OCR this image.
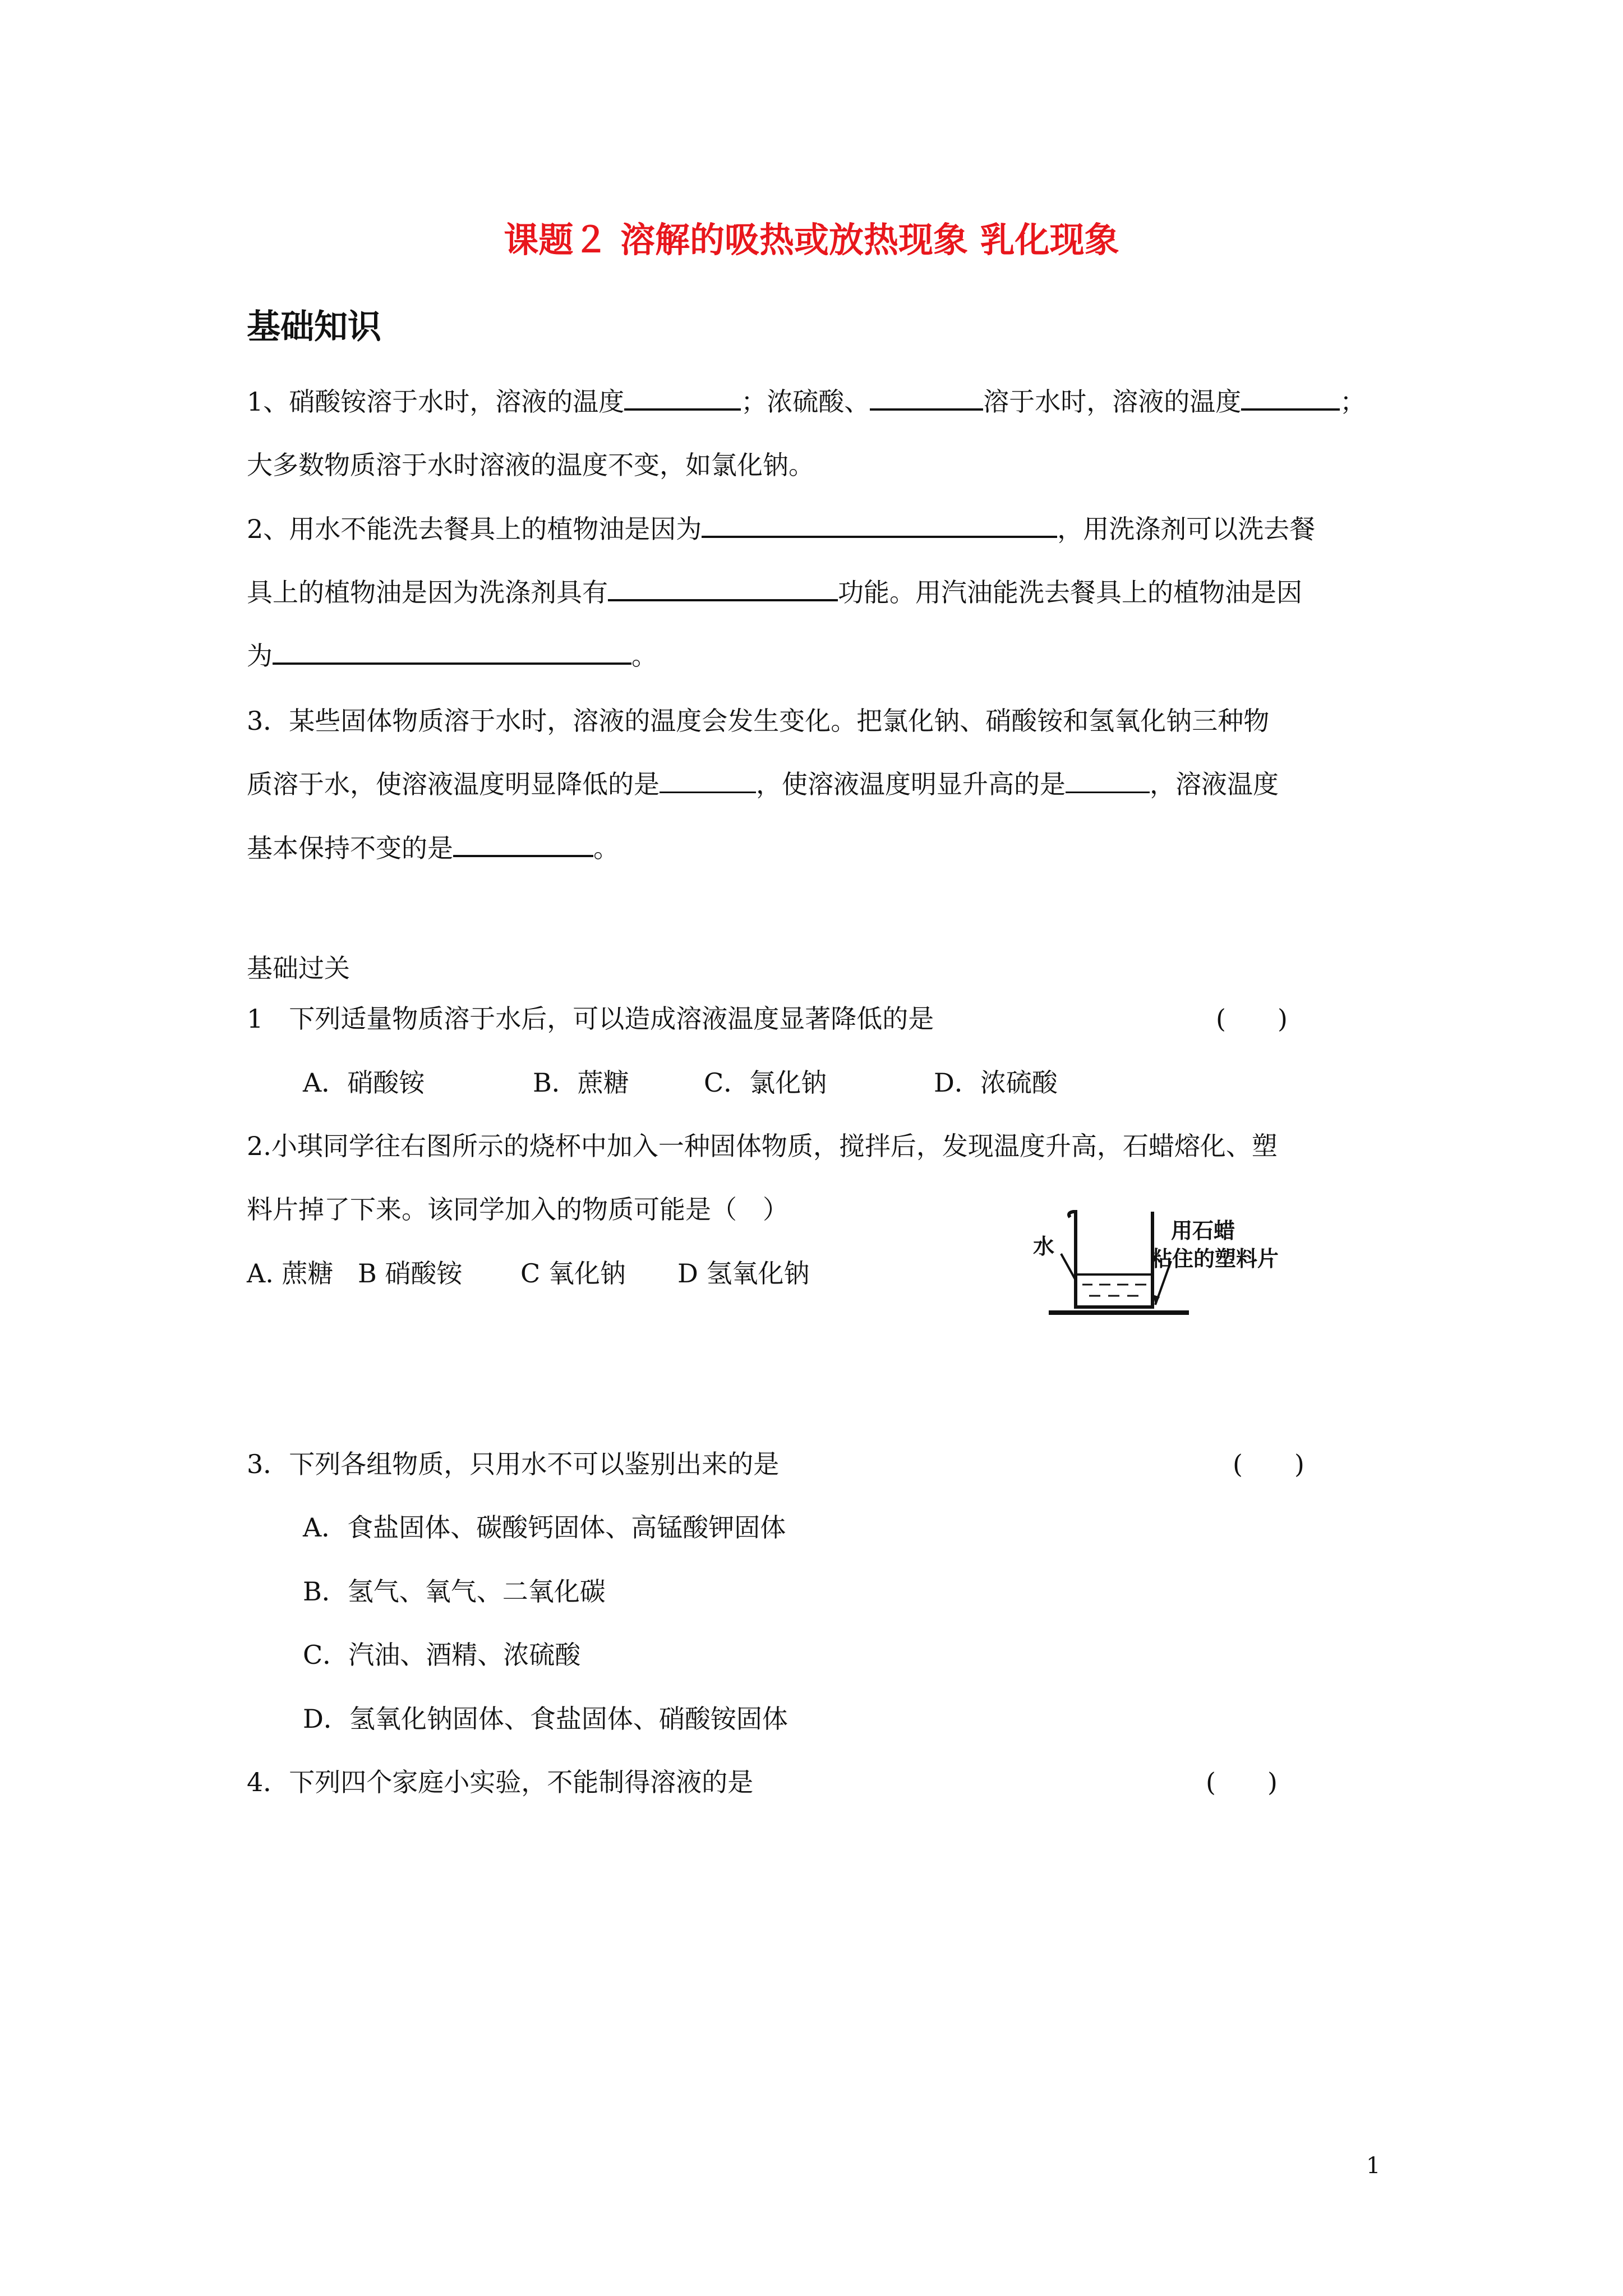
课题２ 溶解的吸热或放热现象 乳化现象
基础知识
1、硝酸铵溶于水时，溶液的温度	；浓硫酸、	溶于水时，溶液的温度	；
大多数物质溶于水时溶液的温度不变，如氯化钠。
2、用水不能洗去餐具上的植物油是因为	，用洗涤剂可以洗去餐
具上的植物油是因为洗涤剂具有	功能。用汽油能洗去餐具上的植物油是因
为	。
3．某些固体物质溶于水时，溶液的温度会发生变化。把氯化钠、硝酸铵和氢氧化钠三种物
质溶于水，使溶液温度明显降低的是	，使溶液温度明显升高的是	，溶液温度
基本保持不变的是	。
基础过关
1　下列适量物质溶于水后，可以造成溶液温度显著降低的是	(　　)
A．硝酸铵	B．蔗糖	C．氯化钠	D．浓硫酸
2.小琪同学往右图所示的烧杯中加入一种固体物质，搅拌后，发现温度升高，石蜡熔化、塑
料片掉了下来。该同学加入的物质可能是（　）
A. 蔗糖 B 硝酸铵 C 氧化钠 D 氢氧化钠
水
用石蜡
粘住的塑料片
3．下列各组物质，只用水不可以鉴别出来的是	(　　)
A．食盐固体、碳酸钙固体、高锰酸钾固体
B．氢气、氧气、二氧化碳
C．汽油、酒精、浓硫酸
D．氢氧化钠固体、食盐固体、硝酸铵固体
4．下列四个家庭小实验，不能制得溶液的是	(　　)
1
